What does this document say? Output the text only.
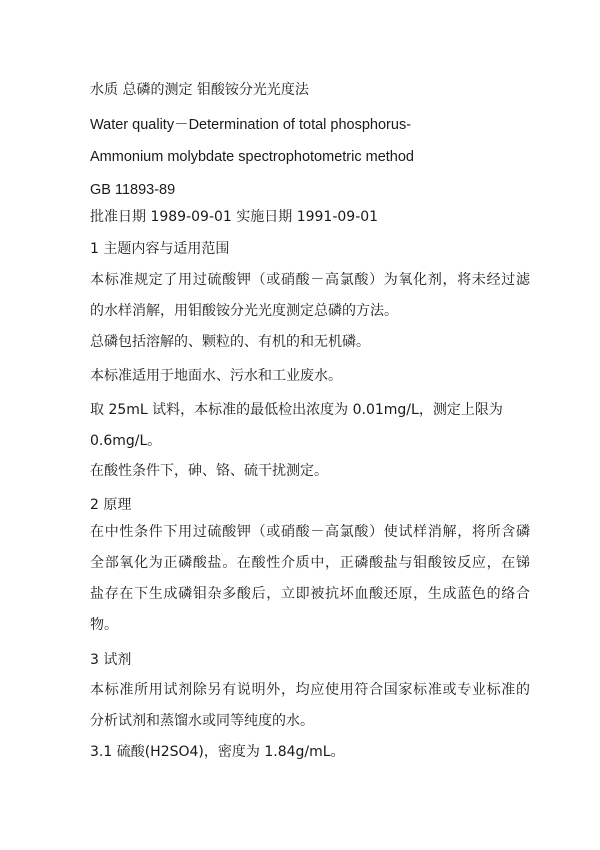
水质 总磷的测定 钼酸铵分光光度法
Water quality－Determination of total phosphorus-
Ammonium molybdate spectrophotometric method
GB 11893-89
批准日期 1989-09-01 实施日期 1991-09-01
1 主题内容与适用范围
本标准规定了用过硫酸钾（或硝酸－高氯酸）为氧化剂，将未经过滤
的水样消解，用钼酸铵分光光度测定总磷的方法。
总磷包括溶解的、颗粒的、有机的和无机磷。
本标准适用于地面水、污水和工业废水。
取 25mL 试料，本标准的最低检出浓度为 0.01mg/L，测定上限为
0.6mg/L。
在酸性条件下，砷、铬、硫干扰测定。
2 原理
在中性条件下用过硫酸钾（或硝酸－高氯酸）使试样消解，将所含磷
全部氧化为正磷酸盐。在酸性介质中，正磷酸盐与钼酸铵反应，在锑
盐存在下生成磷钼杂多酸后，立即被抗坏血酸还原，生成蓝色的络合
物。
3 试剂
本标准所用试剂除另有说明外，均应使用符合国家标准或专业标准的
分析试剂和蒸馏水或同等纯度的水。
3.1 硫酸(H2SO4)，密度为 1.84g/mL。
